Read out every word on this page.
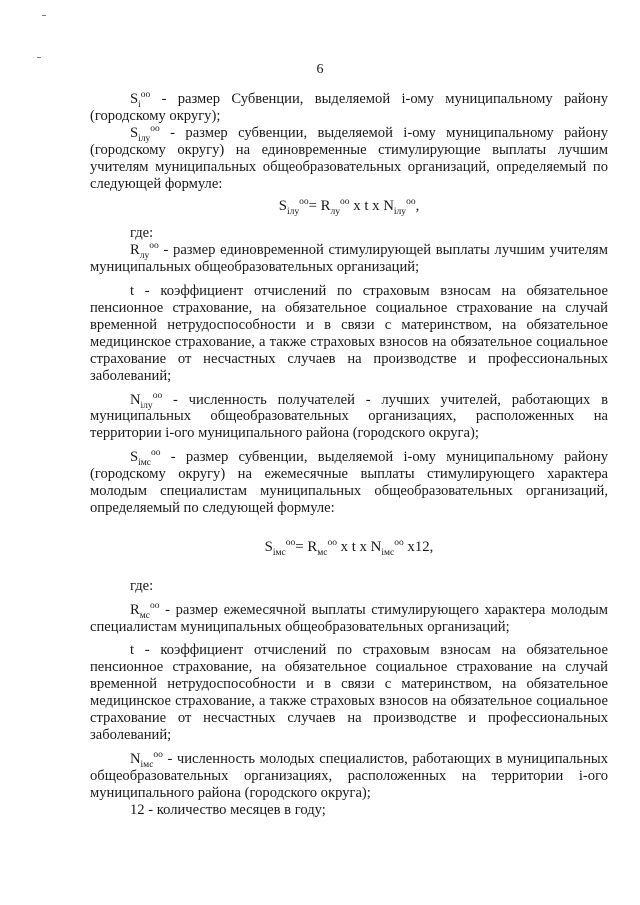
6

$S_i^{оо}$ - размер Субвенции, выделяемой i-ому муниципальному району (городскому округу);

$S_{iлу}^{оо}$ - размер субвенции, выделяемой i-ому муниципальному району (городскому округу) на единовременные стимулирующие выплаты лучшим учителям муниципальных общеобразовательных организаций, определяемый по следующей формуле:

$S_{iлу}^{оо}= R_{лу}^{оо}$ x t x $N_{iлу}^{оо}$,

где:

$R_{лу}^{оо}$ - размер единовременной стимулирующей выплаты лучшим учителям муниципальных общеобразовательных организаций;

t - коэффициент отчислений по страховым взносам на обязательное пенсионное страхование, на обязательное социальное страхование на случай временной нетрудоспособности и в связи с материнством, на обязательное медицинское страхование, а также страховых взносов на обязательное социальное страхование от несчастных случаев на производстве и профессиональных заболеваний;

$N_{iлу}^{оо}$ - численность получателей - лучших учителей, работающих в муниципальных общеобразовательных организациях, расположенных на территории i-ого муниципального района (городского округа);

$S_{iмс}^{оо}$ - размер субвенции, выделяемой i-ому муниципальному району (городскому округу) на ежемесячные выплаты стимулирующего характера молодым специалистам муниципальных общеобразовательных организаций, определяемый по следующей формуле:

$S_{iмс}^{оо}= R_{мс}^{оо}$ x t x $N_{iмс}^{оо}$ x12,

где:

$R_{мс}^{оо}$ - размер ежемесячной выплаты стимулирующего характера молодым специалистам муниципальных общеобразовательных организаций;

t - коэффициент отчислений по страховым взносам на обязательное пенсионное страхование, на обязательное социальное страхование на случай временной нетрудоспособности и в связи с материнством, на обязательное медицинское страхование, а также страховых взносов на обязательное социальное страхование от несчастных случаев на производстве и профессиональных заболеваний;

$N_{iмс}^{оо}$ - численность молодых специалистов, работающих в муниципальных общеобразовательных организациях, расположенных на территории i-ого муниципального района (городского округа);

12 - количество месяцев в году;
